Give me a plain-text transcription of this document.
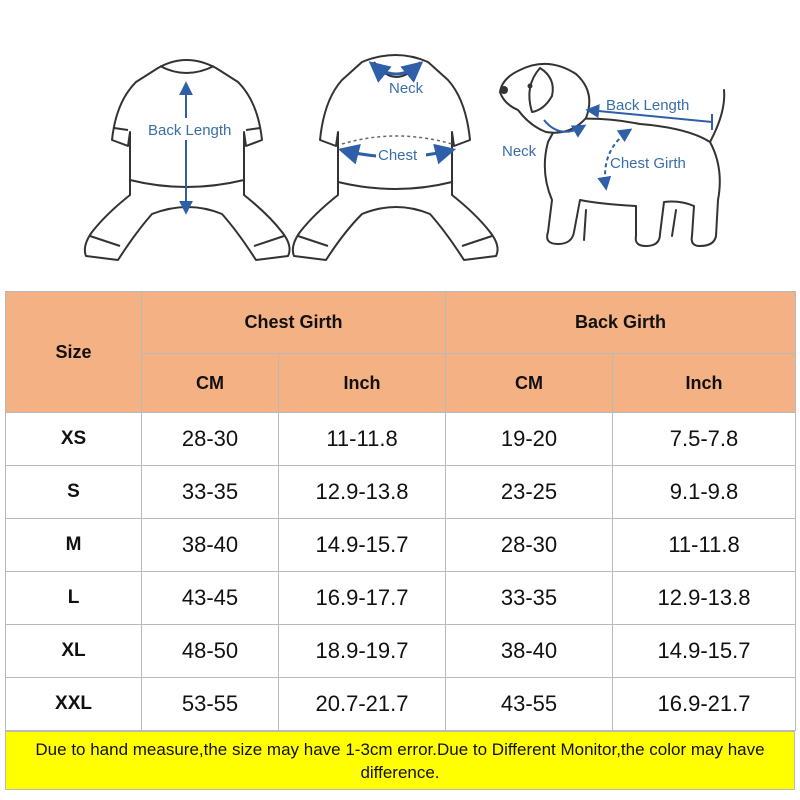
Back Length
Neck
Chest
Back Length
Neck
Chest Girth
Size	Chest Girth		Back Girth	
	CM	Inch	CM	Inch
XS	28-30	11-11.8	19-20	7.5-7.8
S	33-35	12.9-13.8	23-25	9.1-9.8
M	38-40	14.9-15.7	28-30	11-11.8
L	43-45	16.9-17.7	33-35	12.9-13.8
XL	48-50	18.9-19.7	38-40	14.9-15.7
XXL	53-55	20.7-21.7	43-55	16.9-21.7
Due to hand measure,the size may have 1-3cm error.Due to Different Monitor,the color may have difference.
